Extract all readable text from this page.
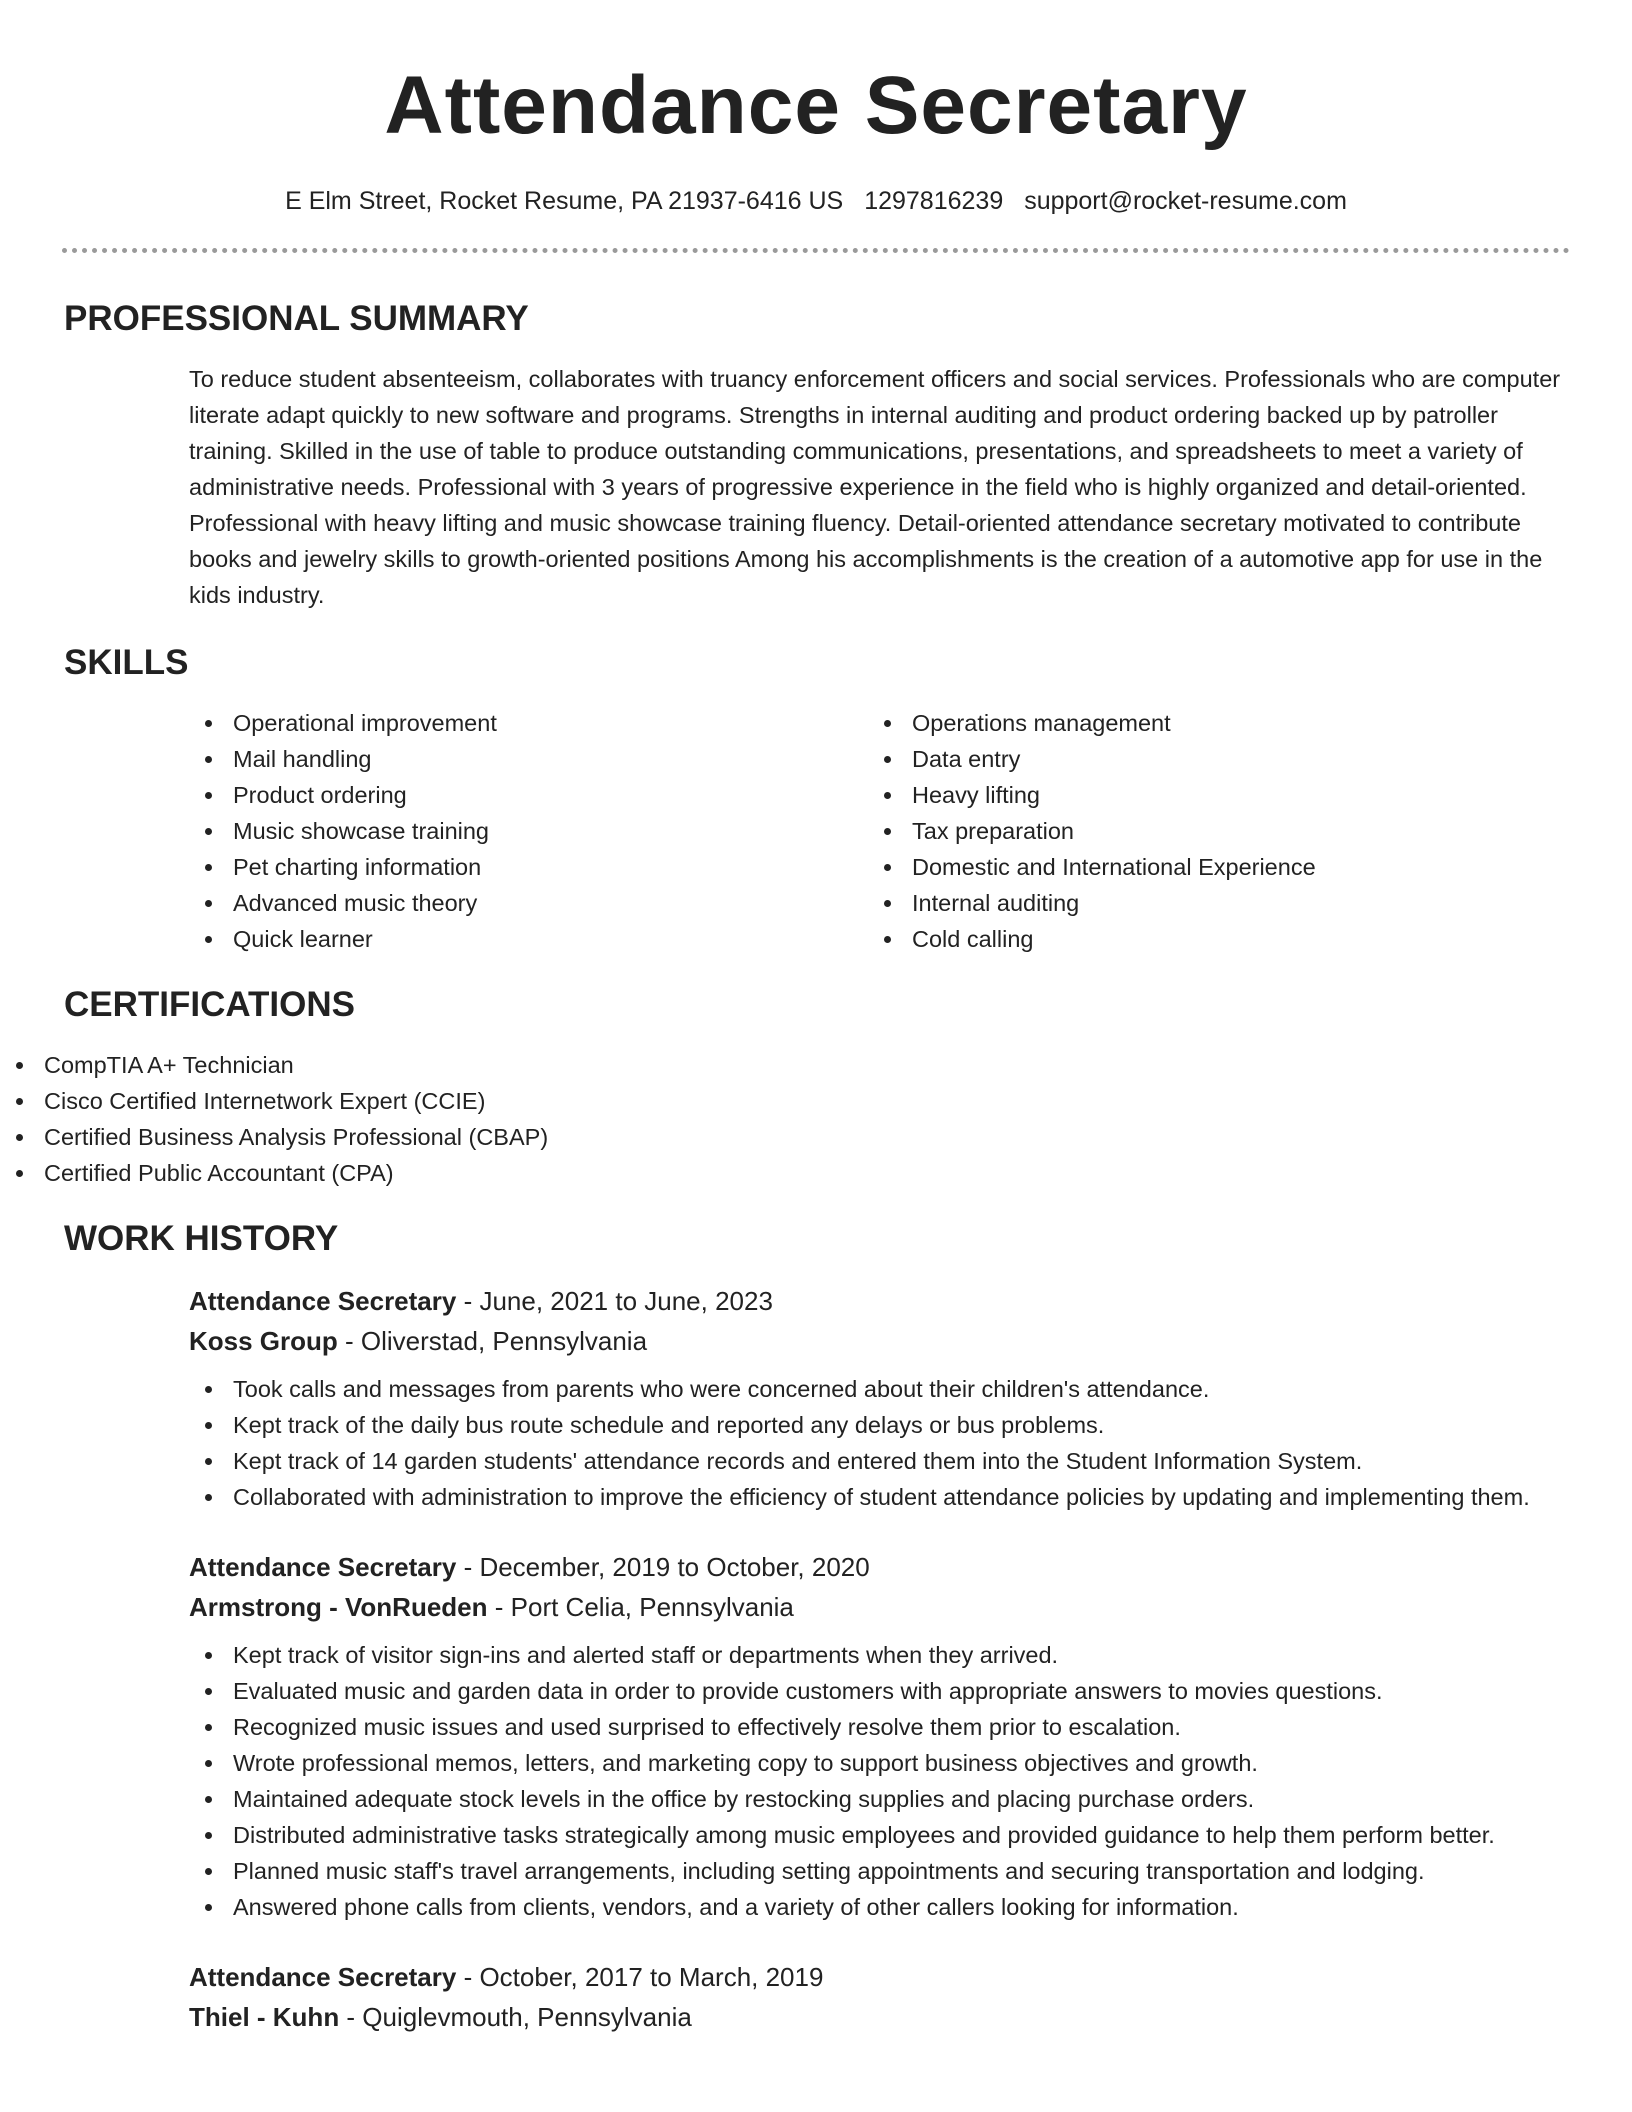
Attendance Secretary
E Elm Street, Rocket Resume, PA 21937-6416 US 1297816239 support@rocket-resume.com
PROFESSIONAL SUMMARY

To reduce student absenteeism, collaborates with truancy enforcement officers and social services. Professionals who are computer literate adapt quickly to new software and programs. Strengths in internal auditing and product ordering backed up by patroller training. Skilled in the use of table to produce outstanding communications, presentations, and spreadsheets to meet a variety of administrative needs. Professional with 3 years of progressive experience in the field who is highly organized and detail-oriented. Professional with heavy lifting and music showcase training fluency. Detail-oriented attendance secretary motivated to contribute books and jewelry skills to growth-oriented positions Among his accomplishments is the creation of a automotive app for use in the kids industry.

SKILLS
Operational improvement
Mail handling
Product ordering
Music showcase training
Pet charting information
Advanced music theory
Quick learner
Operations management
Data entry
Heavy lifting
Tax preparation
Domestic and International Experience
Internal auditing
Cold calling
CERTIFICATIONS
CompTIA A+ Technician
Cisco Certified Internetwork Expert (CCIE)
Certified Business Analysis Professional (CBAP)
Certified Public Accountant (CPA)
WORK HISTORY
Attendance Secretary - June, 2021 to June, 2023
Koss Group - Oliverstad, Pennsylvania
Took calls and messages from parents who were concerned about their children's attendance.
Kept track of the daily bus route schedule and reported any delays or bus problems.
Kept track of 14 garden students' attendance records and entered them into the Student Information System.
Collaborated with administration to improve the efficiency of student attendance policies by updating and implementing them.
Attendance Secretary - December, 2019 to October, 2020
Armstrong - VonRueden - Port Celia, Pennsylvania
Kept track of visitor sign-ins and alerted staff or departments when they arrived.
Evaluated music and garden data in order to provide customers with appropriate answers to movies questions.
Recognized music issues and used surprised to effectively resolve them prior to escalation.
Wrote professional memos, letters, and marketing copy to support business objectives and growth.
Maintained adequate stock levels in the office by restocking supplies and placing purchase orders.
Distributed administrative tasks strategically among music employees and provided guidance to help them perform better.
Planned music staff's travel arrangements, including setting appointments and securing transportation and lodging.
Answered phone calls from clients, vendors, and a variety of other callers looking for information.
Attendance Secretary - October, 2017 to March, 2019
Thiel - Kuhn - Quiglevmouth, Pennsylvania
